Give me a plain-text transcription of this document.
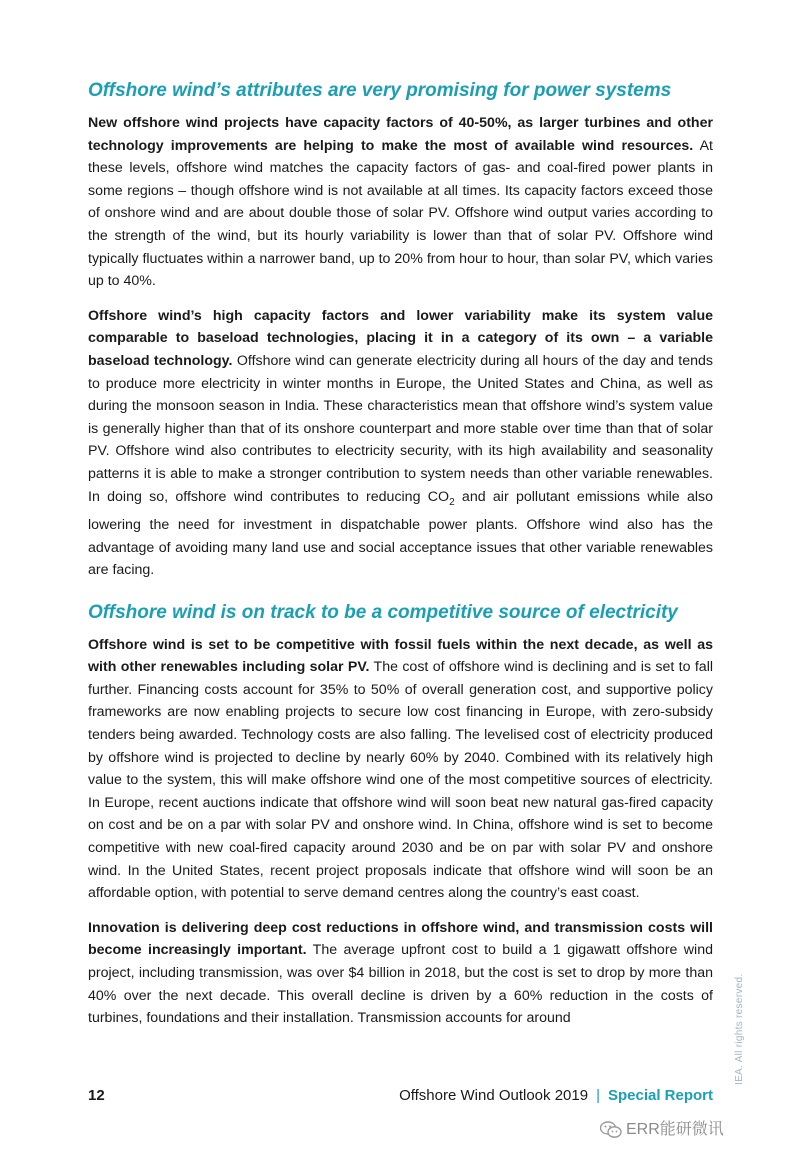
Offshore wind’s attributes are very promising for power systems

New offshore wind projects have capacity factors of 40-50%, as larger turbines and other technology improvements are helping to make the most of available wind resources. At these levels, offshore wind matches the capacity factors of gas- and coal-fired power plants in some regions – though offshore wind is not available at all times. Its capacity factors exceed those of onshore wind and are about double those of solar PV. Offshore wind output varies according to the strength of the wind, but its hourly variability is lower than that of solar PV. Offshore wind typically fluctuates within a narrower band, up to 20% from hour to hour, than solar PV, which varies up to 40%.

Offshore wind’s high capacity factors and lower variability make its system value comparable to baseload technologies, placing it in a category of its own – a variable baseload technology. Offshore wind can generate electricity during all hours of the day and tends to produce more electricity in winter months in Europe, the United States and China, as well as during the monsoon season in India. These characteristics mean that offshore wind’s system value is generally higher than that of its onshore counterpart and more stable over time than that of solar PV. Offshore wind also contributes to electricity security, with its high availability and seasonality patterns it is able to make a stronger contribution to system needs than other variable renewables. In doing so, offshore wind contributes to reducing $CO_2$ and air pollutant emissions while also lowering the need for investment in dispatchable power plants. Offshore wind also has the advantage of avoiding many land use and social acceptance issues that other variable renewables are facing.

Offshore wind is on track to be a competitive source of electricity

Offshore wind is set to be competitive with fossil fuels within the next decade, as well as with other renewables including solar PV. The cost of offshore wind is declining and is set to fall further. Financing costs account for 35% to 50% of overall generation cost, and supportive policy frameworks are now enabling projects to secure low cost financing in Europe, with zero-subsidy tenders being awarded. Technology costs are also falling. The levelised cost of electricity produced by offshore wind is projected to decline by nearly 60% by 2040. Combined with its relatively high value to the system, this will make offshore wind one of the most competitive sources of electricity. In Europe, recent auctions indicate that offshore wind will soon beat new natural gas-fired capacity on cost and be on a par with solar PV and onshore wind. In China, offshore wind is set to become competitive with new coal-fired capacity around 2030 and be on par with solar PV and onshore wind. In the United States, recent project proposals indicate that offshore wind will soon be an affordable option, with potential to serve demand centres along the country’s east coast.

Innovation is delivering deep cost reductions in offshore wind, and transmission costs will become increasingly important. The average upfront cost to build a 1 gigawatt offshore wind project, including transmission, was over $4 billion in 2018, but the cost is set to drop by more than 40% over the next decade. This overall decline is driven by a 60% reduction in the costs of turbines, foundations and their installation. Transmission accounts for around

12	Offshore Wind Outlook 2019 | Special Report
IEA. All rights reserved.
ERR能研微讯
